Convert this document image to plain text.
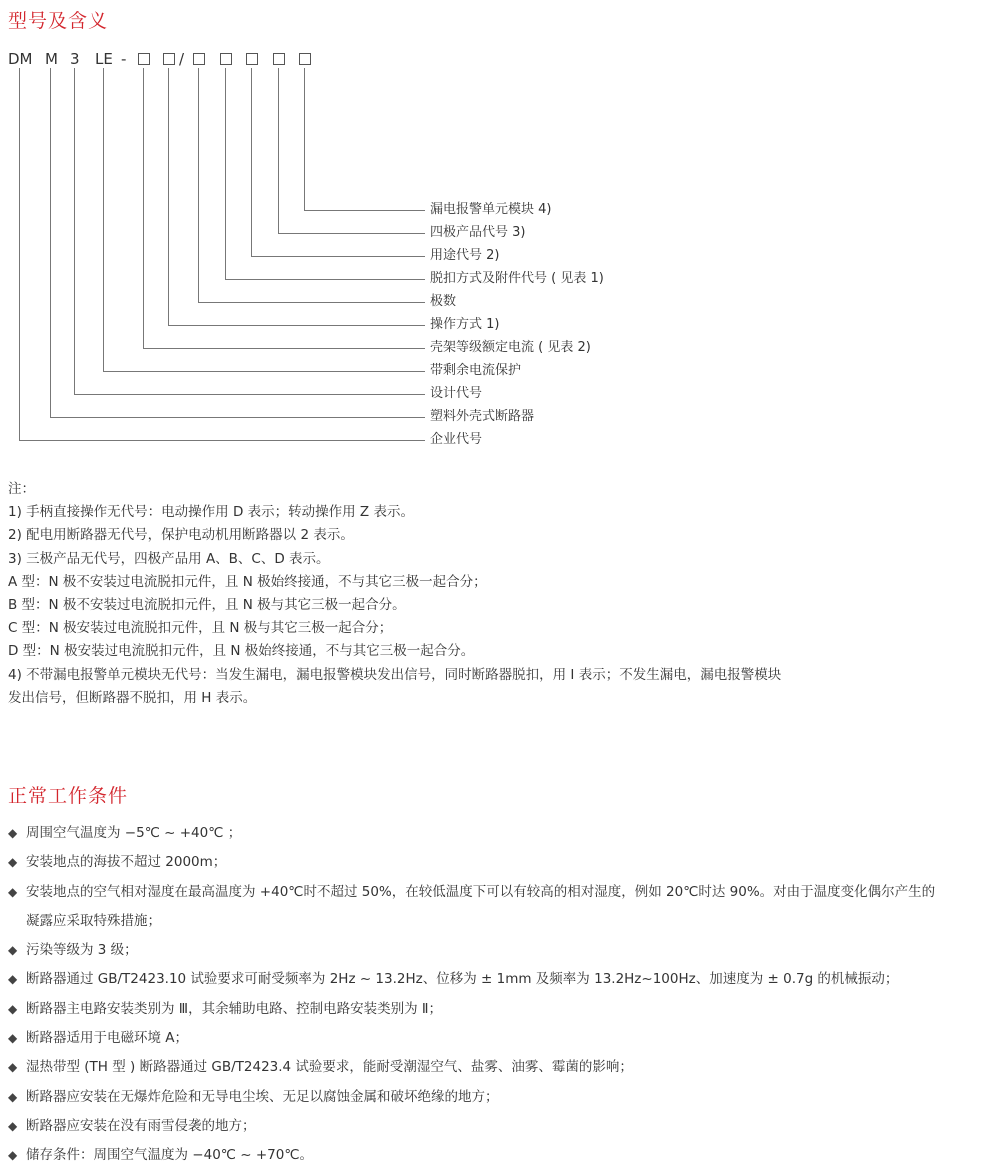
型号及含义
DM M 3 LE -	/
漏电报警单元模块 4)
四极产品代号 3)
用途代号 2)
脱扣方式及附件代号 ( 见表 1)
极数
操作方式 1)
壳架等级额定电流 ( 见表 2)
带剩余电流保护
设计代号
塑料外壳式断路器
企业代号
注：
1) 手柄直接操作无代号：电动操作用 D 表示；转动操作用 Z 表示。
2) 配电用断路器无代号，保护电动机用断路器以 2 表示。
3) 三极产品无代号，四极产品用 A、B、C、D 表示。
A 型：N 极不安装过电流脱扣元件，且 N 极始终接通，不与其它三极一起合分；
B 型：N 极不安装过电流脱扣元件，且 N 极与其它三极一起合分。
C 型：N 极安装过电流脱扣元件，且 N 极与其它三极一起合分；
D 型：N 极安装过电流脱扣元件，且 N 极始终接通，不与其它三极一起合分。
4) 不带漏电报警单元模块无代号：当发生漏电，漏电报警模块发出信号，同时断路器脱扣，用 I 表示；不发生漏电，漏电报警模块
发出信号，但断路器不脱扣，用 H 表示。
正常工作条件
◆ 周围空气温度为 −5℃ ~ +40℃ ；
◆ 安装地点的海拔不超过 2000m；
◆ 安装地点的空气相对湿度在最高温度为 +40℃时不超过 50%，在较低温度下可以有较高的相对湿度，例如 20℃时达 90%。对由于温度变化偶尔产生的
凝露应采取特殊措施；
◆ 污染等级为 3 级；
◆ 断路器通过 GB/T2423.10 试验要求可耐受频率为 2Hz ~ 13.2Hz、位移为 ± 1mm 及频率为 13.2Hz~100Hz、加速度为 ± 0.7g 的机械振动；
◆ 断路器主电路安装类别为 Ⅲ，其余辅助电路、控制电路安装类别为 Ⅱ；
◆ 断路器适用于电磁环境 A；
◆ 湿热带型 (TH 型 ) 断路器通过 GB/T2423.4 试验要求，能耐受潮湿空气、盐雾、油雾、霉菌的影响；
◆ 断路器应安装在无爆炸危险和无导电尘埃、无足以腐蚀金属和破坏绝缘的地方；
◆ 断路器应安装在没有雨雪侵袭的地方；
◆ 储存条件：周围空气温度为 −40℃ ~ +70℃。
